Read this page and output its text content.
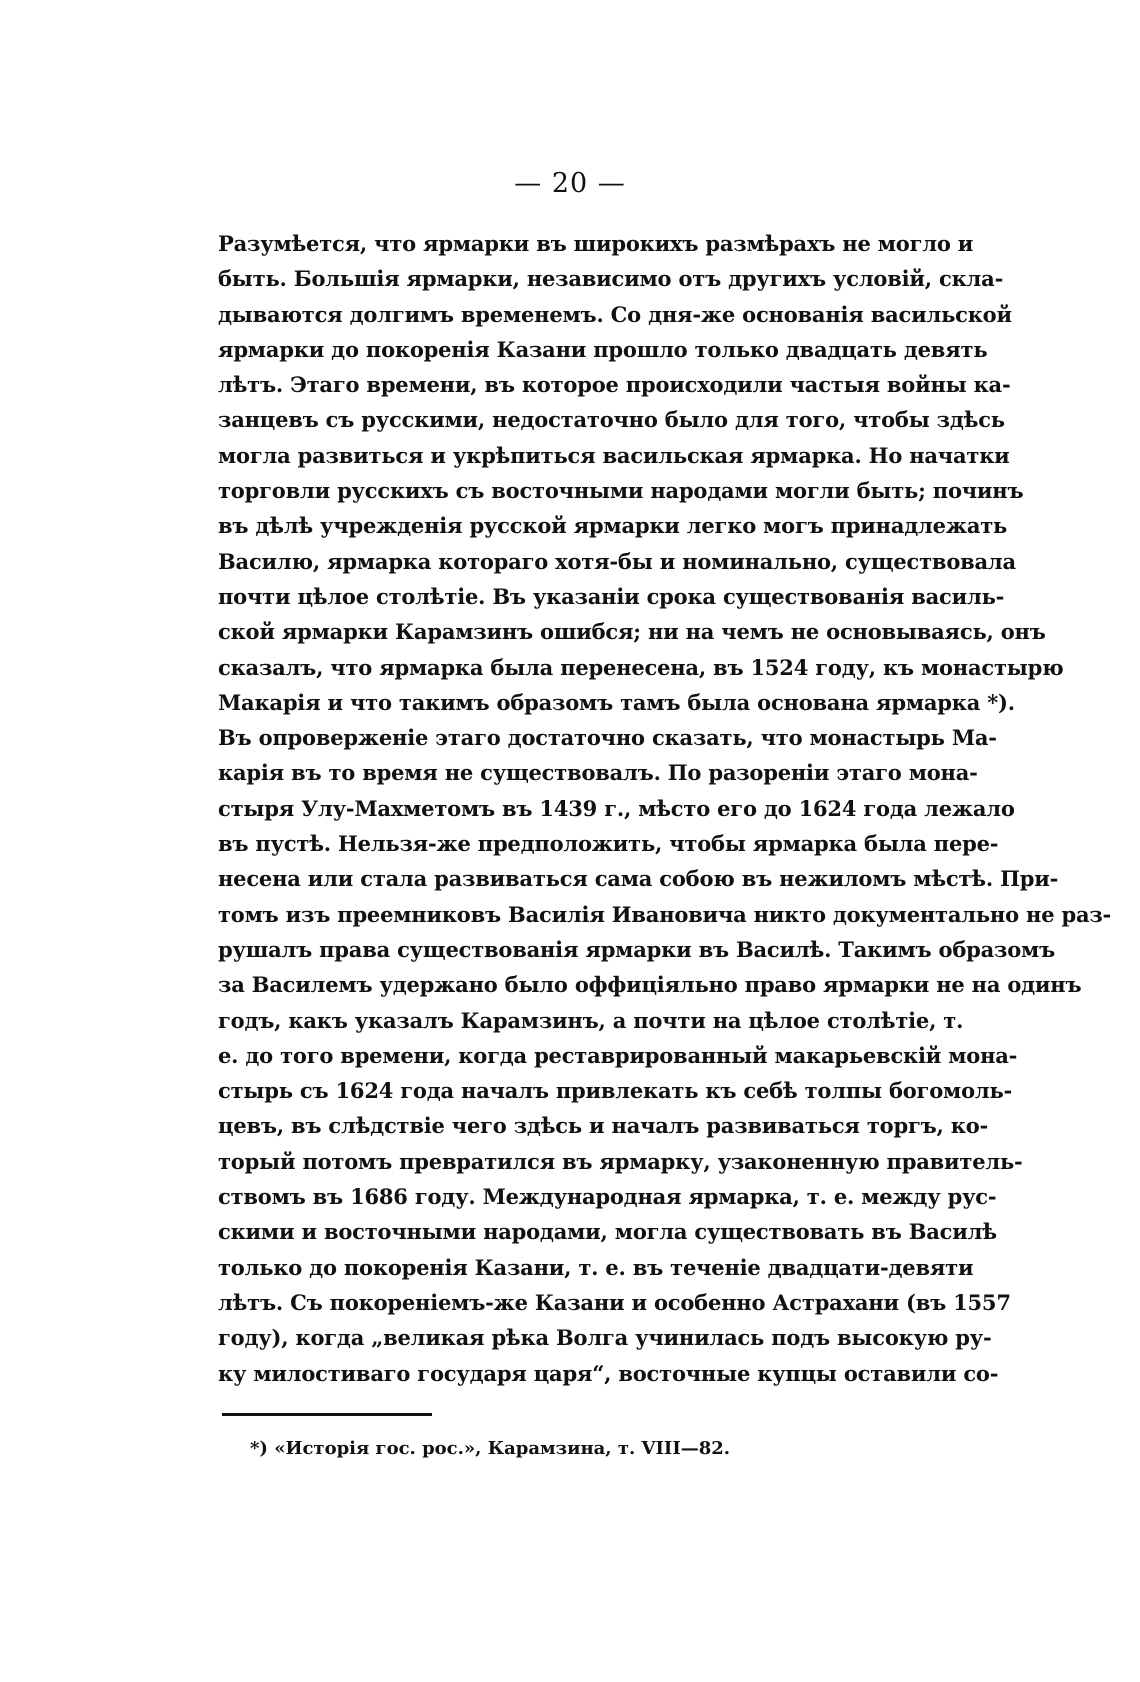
— 20 —
Разумѣется, что ярмарки въ широкихъ размѣрахъ не могло и
быть. Большія ярмарки, независимо отъ другихъ условій, скла-
дываются долгимъ временемъ. Со дня-же основанія васильской
ярмарки до покоренія Казани прошло только двадцать девять
лѣтъ. Этаго времени, въ которое происходили частыя войны ка-
занцевъ съ русскими, недостаточно было для того, чтобы здѣсь
могла развиться и укрѣпиться васильская ярмарка. Но начатки
торговли русскихъ съ восточными народами могли быть; починъ
въ дѣлѣ учрежденія русской ярмарки легко могъ принадлежать
Василю, ярмарка котораго хотя-бы и номинально, существовала
почти цѣлое столѣтіе. Въ указаніи срока существованія василь-
ской ярмарки Карамзинъ ошибся; ни на чемъ не основываясь, онъ
сказалъ, что ярмарка была перенесена, въ 1524 году, къ монастырю
Макарія и что такимъ образомъ тамъ была основана ярмарка *).
Въ опроверженіе этаго достаточно сказать, что монастырь Ма-
карія въ то время не существовалъ. По разореніи этаго мона-
стыря Улу-Махметомъ въ 1439 г., мѣсто его до 1624 года лежало
въ пустѣ. Нельзя-же предположить, чтобы ярмарка была пере-
несена или стала развиваться сама собою въ нежиломъ мѣстѣ. При-
томъ изъ преемниковъ Василія Ивановича никто документально не раз-
рушалъ права существованія ярмарки въ Василѣ. Такимъ образомъ
за Василемъ удержано было оффиціяльно право ярмарки не на одинъ
годъ, какъ указалъ Карамзинъ, а почти на цѣлое столѣтіе, т.
е. до того времени, когда реставрированный макарьевскій мона-
стырь съ 1624 года началъ привлекать къ себѣ толпы богомоль-
цевъ, въ слѣдствіе чего здѣсь и началъ развиваться торгъ, ко-
торый потомъ превратился въ ярмарку, узаконенную правитель-
ствомъ въ 1686 году. Международная ярмарка, т. е. между рус-
скими и восточными народами, могла существовать въ Василѣ
только до покоренія Казани, т. е. въ теченіе двадцати-девяти
лѣтъ. Съ покореніемъ-же Казани и особенно Астрахани (въ 1557
году), когда „великая рѣка Волга учинилась подъ высокую ру-
ку милостиваго государя царя“, восточные купцы оставили со-
*) «Исторія гос. рос.», Карамзина, т. VIII—82.
